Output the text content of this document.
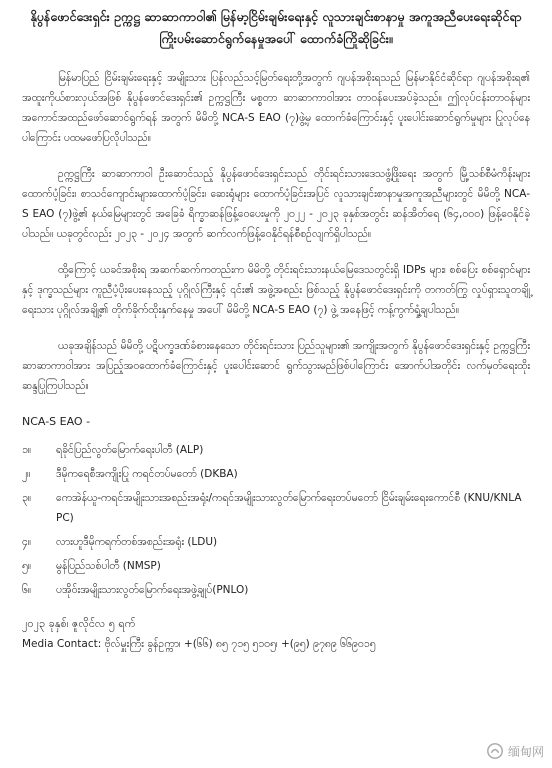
နိုပွန်ဖောင်ဒေးရှင်း ဥက္ကဋ္ဌ ဆာဆာကာဝါ၏ မြန်မာ့ငြိမ်းချမ်းရေးနှင့် လူသားချင်းစာနာမှု အကူအညီပေးရေးဆိုင်ရာ ကြိုးပမ်းဆောင်ရွက်နေမှုအပေါ် ထောက်ခံကြိုဆိုခြင်း။

မြန်မာပြည် ငြိမ်းချမ်းရေးနှင့် အမျိုးသား ပြန်လည်သင့်မြတ်ရေးတို့အတွက် ဂျပန်အစိုးရသည် မြန်မာနိုင်ငံဆိုင်ရာ ဂျပန်အစိုးရ၏ အထူးကိုယ်စားလှယ်အဖြစ် နိုပွန်ဖောင်ဒေးရှင်း၏ ဥက္ကဋ္ဌကြီး မစ္စတာ ဆာဆာကာဝါအား တာဝန်ပေးအပ်ခဲ့သည်။ ဤလုပ်ငန်းတာဝန်များ အကောင်အထည်ဖော်ဆောင်ရွက်ရန် အတွက် မိမိတို့ NCA-S EAO (၇)ဖွဲ့မှ ထောက်ခံကြောင်းနှင့် ပူးပေါင်းဆောင်ရွက်မှုများ ပြုလုပ်နေပါကြောင်း ပထမဖော်ပြလိုပါသည်။

ဥက္ကဋ္ဌကြီး ဆာဆာကာဝါ ဦးဆောင်သည့် နိုပွန်ဖောင်ဒေးရှင်းသည် တိုင်းရင်းသားဒေသဖွံ့ဖြိုးရေး အတွက် မြို့သစ်စီမံကိန်းများထောက်ပံ့ခြင်း၊ စာသင်ကျောင်းများထောက်ပံ့ခြင်း၊ ဆေးရုံများ ထောက်ပံ့ခြင်းအပြင် လူသားချင်းစာနာမှုအကူအညီများတွင် မိမိတို့ NCA-S EAO (၇)ဖွဲ့၏ နယ်မြေများတွင် အခြေခံ ရိက္ခာဆန်ဖြန့်ဝေပေးမှုကို ၂၀၂၂ - ၂၀၂၃ ခုနှစ်အတွင်း ဆန်အိတ်ရေ (၆၄,၀၀၀) ဖြန့်ဝေနိုင်ခဲ့ပါသည်။ ယခုတွင်လည်း ၂၀၂၃ - ၂၀၂၄ အတွက် ဆက်လက်ဖြန့်ဝေနိုင်ရန်စီစဉ်လျက်ရှိပါသည်။

ထို့ကြောင့် ယခင်အစိုးရ အဆက်ဆက်ကတည်းက မိမိတို့ တိုင်းရင်းသားနယ်မြေဒေသတွင်းရှိ IDPs များ၊ စစ်ပြေး စစ်ရှောင်များနှင့် ဒုက္ခသည်များ ကူညီပံ့ပိုးပေးနေသည့် ပုဂ္ဂိုလ်ကြီးနှင့် ၎င်း၏ အဖွဲ့အစည်း ဖြစ်သည့် နိုပွန်ဖောင်ဒေးရှင်းကို တကတ်ကြွ လှုပ်ရှားသူတချို့ရေးသား ပုဂ္ဂိုလ်အချို့၏ တိုက်ခိုက်ထိုးနှက်နေမှု အပေါ် မိမိတို့ NCA-S EAO (၇) ဖွဲ့ အနေဖြင့် ကန့်ကွက်ရှုံ့ချပါသည်။

ယခုအချိန်သည် မိမိတို့ ပဋိပက္ခဒဏ်ခံစားနေသော တိုင်းရင်းသား ပြည်သူများ၏ အကျိုးအတွက် နိုပွန်ဖောင်ဒေးရှင်းနှင့် ဥက္ကဋ္ဌကြီးဆာဆာကာဝါအား အပြည့်အဝထောက်ခံကြောင်းနှင့် ပူးပေါင်းဆောင် ရွက်သွားမည်ဖြစ်ပါကြောင်း အောက်ပါအတိုင်း လက်မှတ်ရေးထိုးဆန္ဒပြုကြပါသည်။

NCA-S EAO -
၁။	ရခိုင်ပြည်လွတ်မြောက်ရေးပါတီ (ALP)
၂။	ဒီမိုကရေစီအကျိုးပြု ကရင်တပ်မတော် (DKBA)
၃။	ကေအဲန်ယူ-ကရင်အမျိုးသားအစည်းအရုံး/ကရင်အမျိုးသားလွတ်မြောက်ရေးတပ်မတော် ငြိမ်းချမ်းရေးကောင်စီ (KNU/KNLA PC)
၄။	လားဟူဒီမိုကရက်တစ်အစည်းအရုံး (LDU)
၅။	မွန်ပြည်သစ်ပါတီ (NMSP)
၆။	ပအိုဝ်းအမျိုးသားလွတ်မြောက်ရေးအဖွဲ့ချုပ်(PNLO)
၂၀၂၃ ခုနှစ်၊ ဇူလိုင်လ ၅ ရက်
Media Contact: ဗိုလ်မှူးကြီး ခွန်ဥက္ကာ၊ +(၆၆) ၈၅ ၇၁၅ ၅၁၀၅၊ +(၉၅) ၉၇၈၉ ၆၆၉၀၁၅
缅甸网
